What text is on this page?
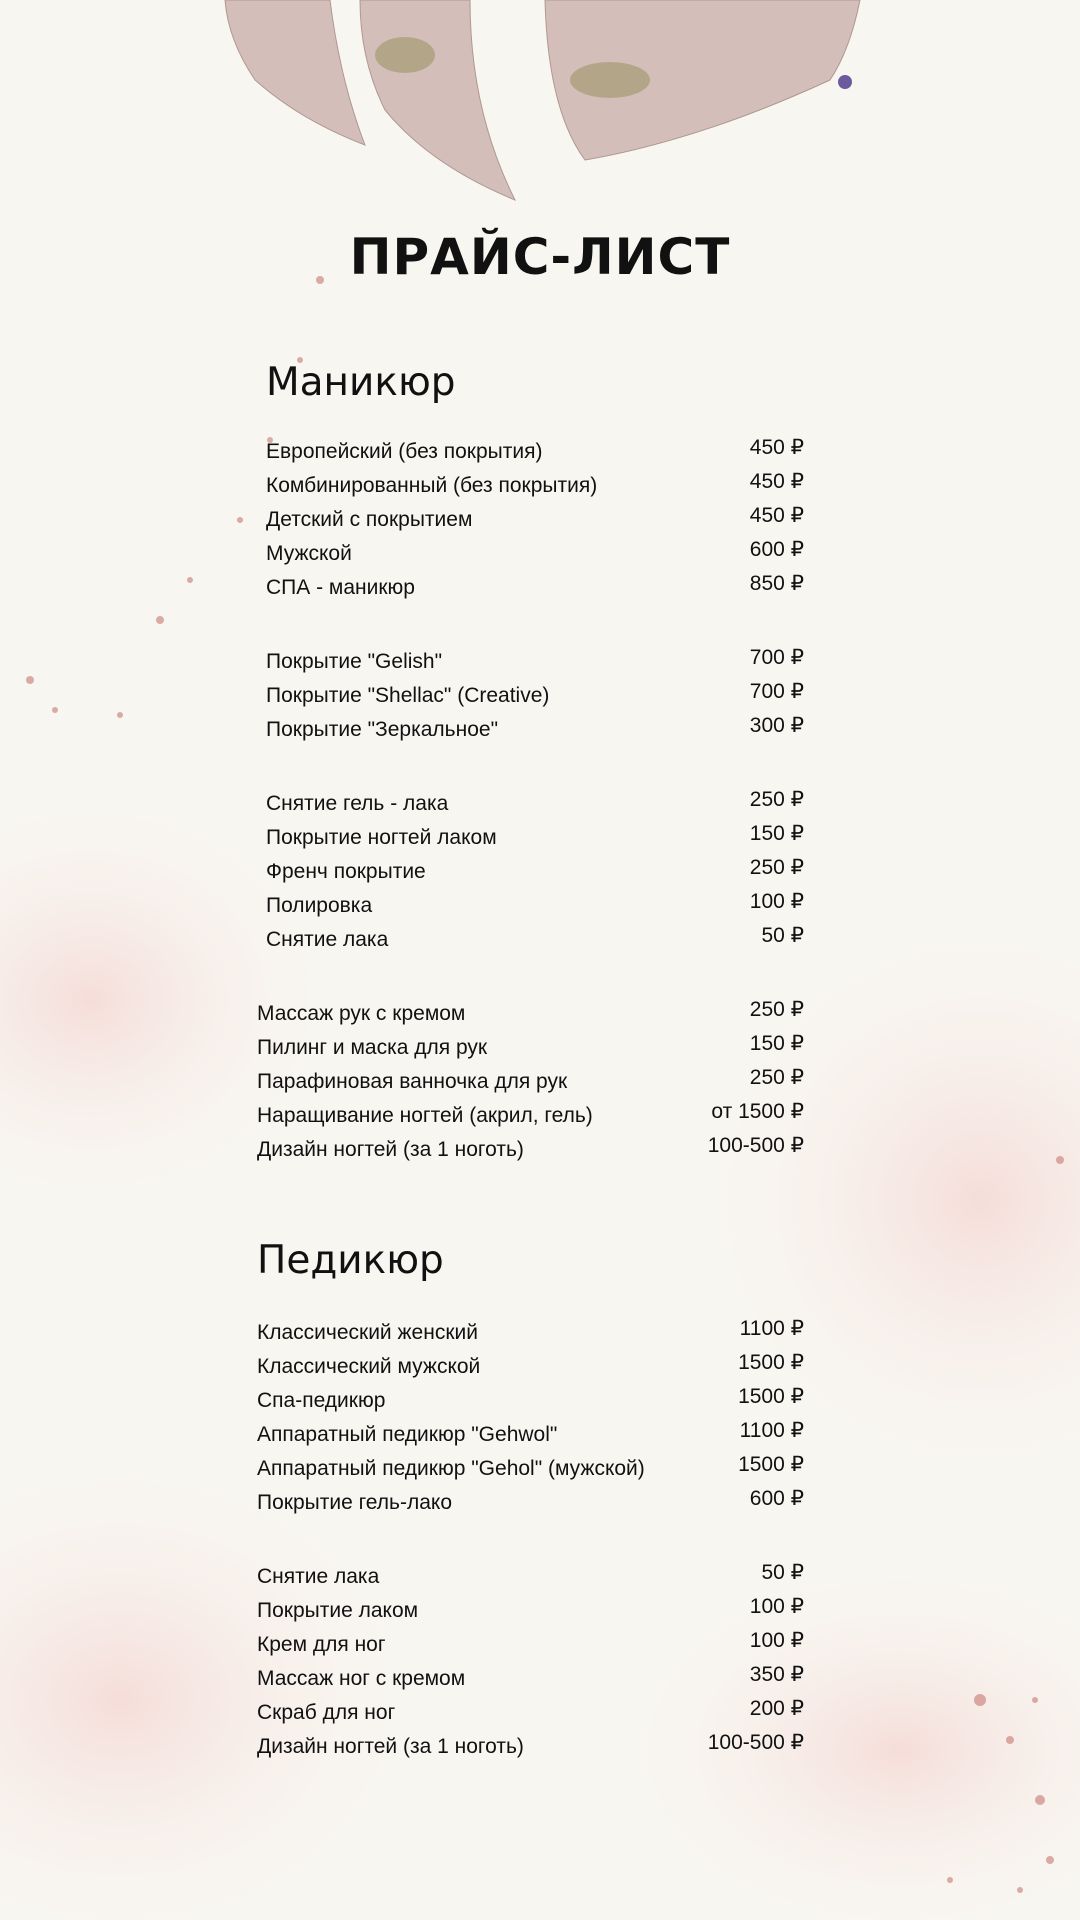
ПРАЙС-ЛИСТ
Маникюр
Европейский (без покрытия)	450 ₽
Комбинированный (без покрытия)	450 ₽
Детский с покрытием	450 ₽
Мужской	600 ₽
СПА - маникюр	850 ₽
Покрытие "Gelish"	700 ₽
Покрытие "Shellac" (Creative)	700 ₽
Покрытие "Зеркальное"	300 ₽
Снятие гель - лака	250 ₽
Покрытие ногтей лаком	150 ₽
Френч покрытие	250 ₽
Полировка	100 ₽
Снятие лака	50 ₽
Массаж рук с кремом	250 ₽
Пилинг и маска для рук	150 ₽
Парафиновая ванночка для рук	250 ₽
Наращивание ногтей (акрил, гель)	от 1500 ₽
Дизайн ногтей (за 1 ноготь)	100-500 ₽
Педикюр
Классический женский	1100 ₽
Классический мужской	1500 ₽
Спа-педикюр	1500 ₽
Аппаратный педикюр "Gehwol"	1100 ₽
Аппаратный педикюр "Gehol" (мужской)	1500 ₽
Покрытие гель-лако	600 ₽
Снятие лака	50 ₽
Покрытие лаком	100 ₽
Крем для ног	100 ₽
Массаж ног с кремом	350 ₽
Скраб для ног	200 ₽
Дизайн ногтей (за 1 ноготь)	100-500 ₽
